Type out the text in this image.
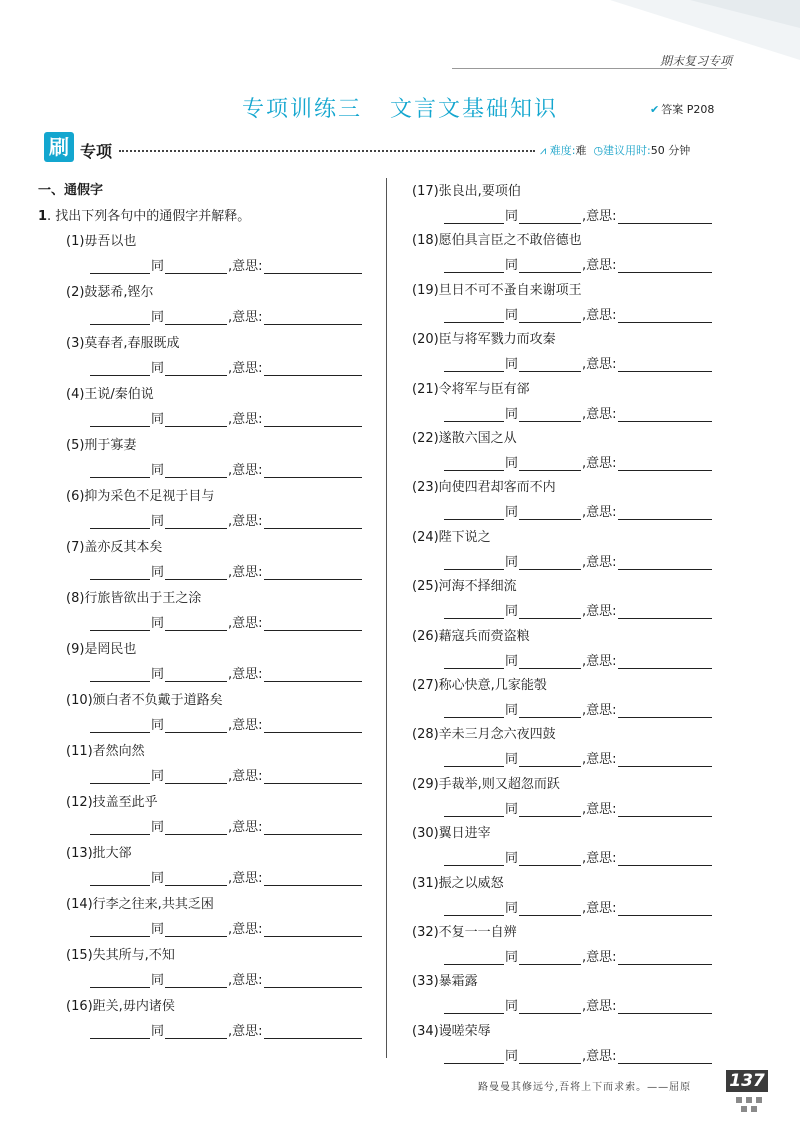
期末复习专项
专项训练三 文言文基础知识	✔ 答案 P208
刷 专项	⩘ 难度:难 ◷建议用时:50 分钟
一、通假字
1. 找出下列各句中的通假字并解释。
(1)毋吾以也
同	,意思:
(2)鼓瑟希,铿尔
同	,意思:
(3)莫春者,春服既成
同	,意思:
(4)王说/秦伯说
同	,意思:
(5)刑于寡妻
同	,意思:
(6)抑为采色不足视于目与
同	,意思:
(7)盖亦反其本矣
同	,意思:
(8)行旅皆欲出于王之涂
同	,意思:
(9)是罔民也
同	,意思:
(10)颁白者不负戴于道路矣
同	,意思:
(11)者然向然
同	,意思:
(12)技盖至此乎
同	,意思:
(13)批大郤
同	,意思:
(14)行李之往来,共其乏困
同	,意思:
(15)失其所与,不知
同	,意思:
(16)距关,毋内诸侯
同	,意思:
(17)张良出,要项伯
同	,意思:
(18)愿伯具言臣之不敢倍德也
同	,意思:
(19)旦日不可不蚤自来谢项王
同	,意思:
(20)臣与将军戮力而攻秦
同	,意思:
(21)令将军与臣有郤
同	,意思:
(22)遂散六国之从
同	,意思:
(23)向使四君却客而不内
同	,意思:
(24)陛下说之
同	,意思:
(25)河海不择细流
同	,意思:
(26)藉寇兵而赍盗粮
同	,意思:
(27)称心快意,几家能彀
同	,意思:
(28)辛未三月念六夜四鼓
同	,意思:
(29)手裁举,则又超忽而跃
同	,意思:
(30)翼日进宰
同	,意思:
(31)振之以威怒
同	,意思:
(32)不复一一自辨
同	,意思:
(33)暴霜露
同	,意思:
(34)谩嗟荣辱
同	,意思:
路曼曼其修远兮,吾将上下而求索。——屈原 137
